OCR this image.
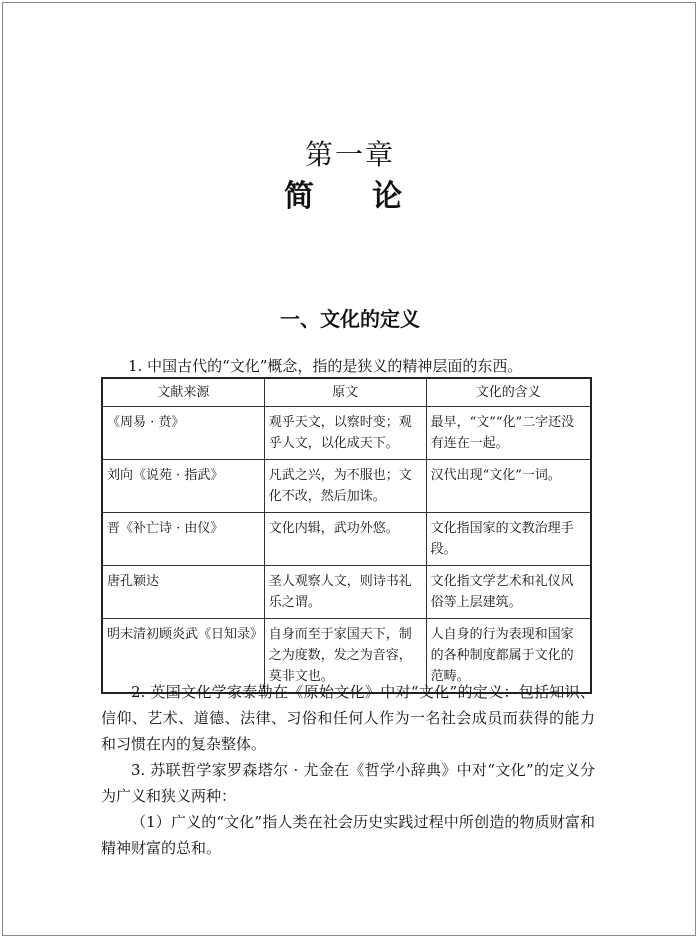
第一章
简　论
一、文化的定义
1. 中国古代的“文化”概念，指的是狭义的精神层面的东西。
文献来源	原文	文化的含义
《周易 · 贲》	观乎天文，以察时变；观乎人文，以化成天下。	最早，“文”“化”二字还没有连在一起。
刘向《说苑 · 指武》	凡武之兴，为不服也；文化不改，然后加诛。	汉代出现“文化”一词。
晋《补亡诗 · 由仪》	文化内辑，武功外悠。	文化指国家的文教治理手段。
唐孔颖达	圣人观察人文，则诗书礼乐之谓。	文化指文学艺术和礼仪风俗等上层建筑。
明末清初顾炎武《日知录》	自身而至于家国天下，制之为度数，发之为音容，莫非文也。	人自身的行为表现和国家的各种制度都属于文化的范畴。

2. 英国文化学家泰勒在《原始文化》中对“文化”的定义：包括知识、信仰、艺术、道德、法律、习俗和任何人作为一名社会成员而获得的能力和习惯在内的复杂整体。

3. 苏联哲学家罗森塔尔 · 尤金在《哲学小辞典》中对“文化”的定义分为广义和狭义两种：

（1）广义的“文化”指人类在社会历史实践过程中所创造的物质财富和精神财富的总和。
